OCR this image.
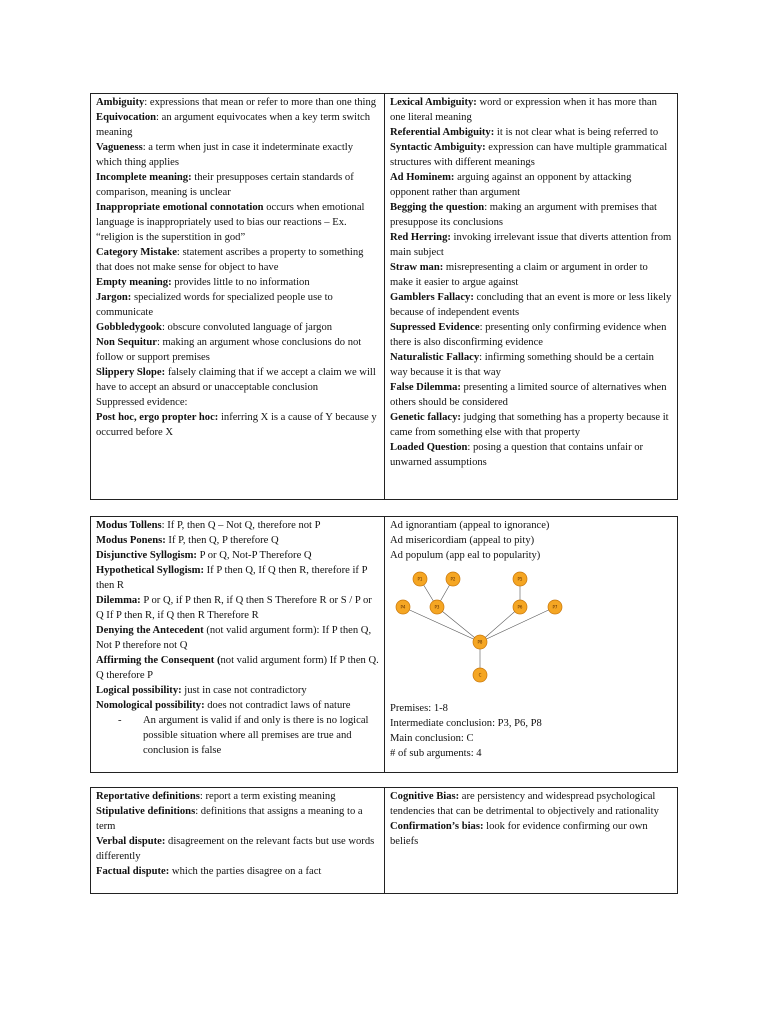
Ambiguity: expressions that mean or refer to more than one thing

Equivocation: an argument equivocates when a key term switch meaning

Vagueness: a term when just in case it indeterminate exactly which thing applies

Incomplete meaning: their presupposes certain standards of comparison, meaning is unclear

Inappropriate emotional connotation occurs when emotional language is inappropriately used to bias our reactions – Ex. “religion is the superstition in god”

Category Mistake: statement ascribes a property to something that does not make sense for object to have

Empty meaning: provides little to no information

Jargon: specialized words for specialized people use to communicate

Gobbledygook: obscure convoluted language of jargon

Non Sequitur: making an argument whose conclusions do not follow or support premises

Slippery Slope: falsely claiming that if we accept a claim we will have to accept an absurd or unacceptable conclusion

Suppressed evidence:

Post hoc, ergo propter hoc: inferring X is a cause of Y because y occurred before X

Lexical Ambiguity: word or expression when it has more than one literal meaning

Referential Ambiguity: it is not clear what is being referred to

Syntactic Ambiguity: expression can have multiple grammatical structures with different meanings

Ad Hominem: arguing against an opponent by attacking opponent rather than argument

Begging the question: making an argument with premises that presuppose its conclusions

Red Herring: invoking irrelevant issue that diverts attention from main subject

Straw man: misrepresenting a claim or argument in order to make it easier to argue against

Gamblers Fallacy: concluding that an event is more or less likely because of independent events

Supressed Evidence: presenting only confirming evidence when there is also disconfirming evidence

Naturalistic Fallacy: infirming something should be a certain way because it is that way

False Dilemma: presenting a limited source of alternatives when others should be considered

Genetic fallacy: judging that something has a property because it came from something else with that property

Loaded Question: posing a question that contains unfair or unwarned assumptions

Modus Tollens: If P, then Q – Not Q, therefore not P

Modus Ponens: If P, then Q, P therefore Q

Disjunctive Syllogism: P or Q, Not-P Therefore Q

Hypothetical Syllogism: If P then Q, If Q then R, therefore if P then R

Dilemma: P or Q, if P then R, if Q then S Therefore R or S / P or Q If P then R, if Q then R Therefore R

Denying the Antecedent (not valid argument form): If P then Q, Not P therefore not Q

Affirming the Consequent (not valid argument form) If P then Q. Q therefore P

Logical possibility: just in case not contradictory

Nomological possibility: does not contradict laws of nature

-	An argument is valid if and only is there is no logical possible situation where all premises are true and conclusion is false
Ad ignorantiam (appeal to ignorance)
Ad misericordiam (appeal to pity)
Ad populum (app eal to popularity)
P1	P2	P5
P4	P3	P6	P7
P8
C
Premises: 1-8
Intermediate conclusion: P3, P6, P8
Main conclusion: C
# of sub arguments: 4

Reportative definitions: report a term existing meaning

Stipulative definitions: definitions that assigns a meaning to a term

Verbal dispute: disagreement on the relevant facts but use words differently

Factual dispute: which the parties disagree on a fact

Cognitive Bias: are persistency and widespread psychological tendencies that can be detrimental to objectively and rationality

Confirmation’s bias: look for evidence confirming our own beliefs
